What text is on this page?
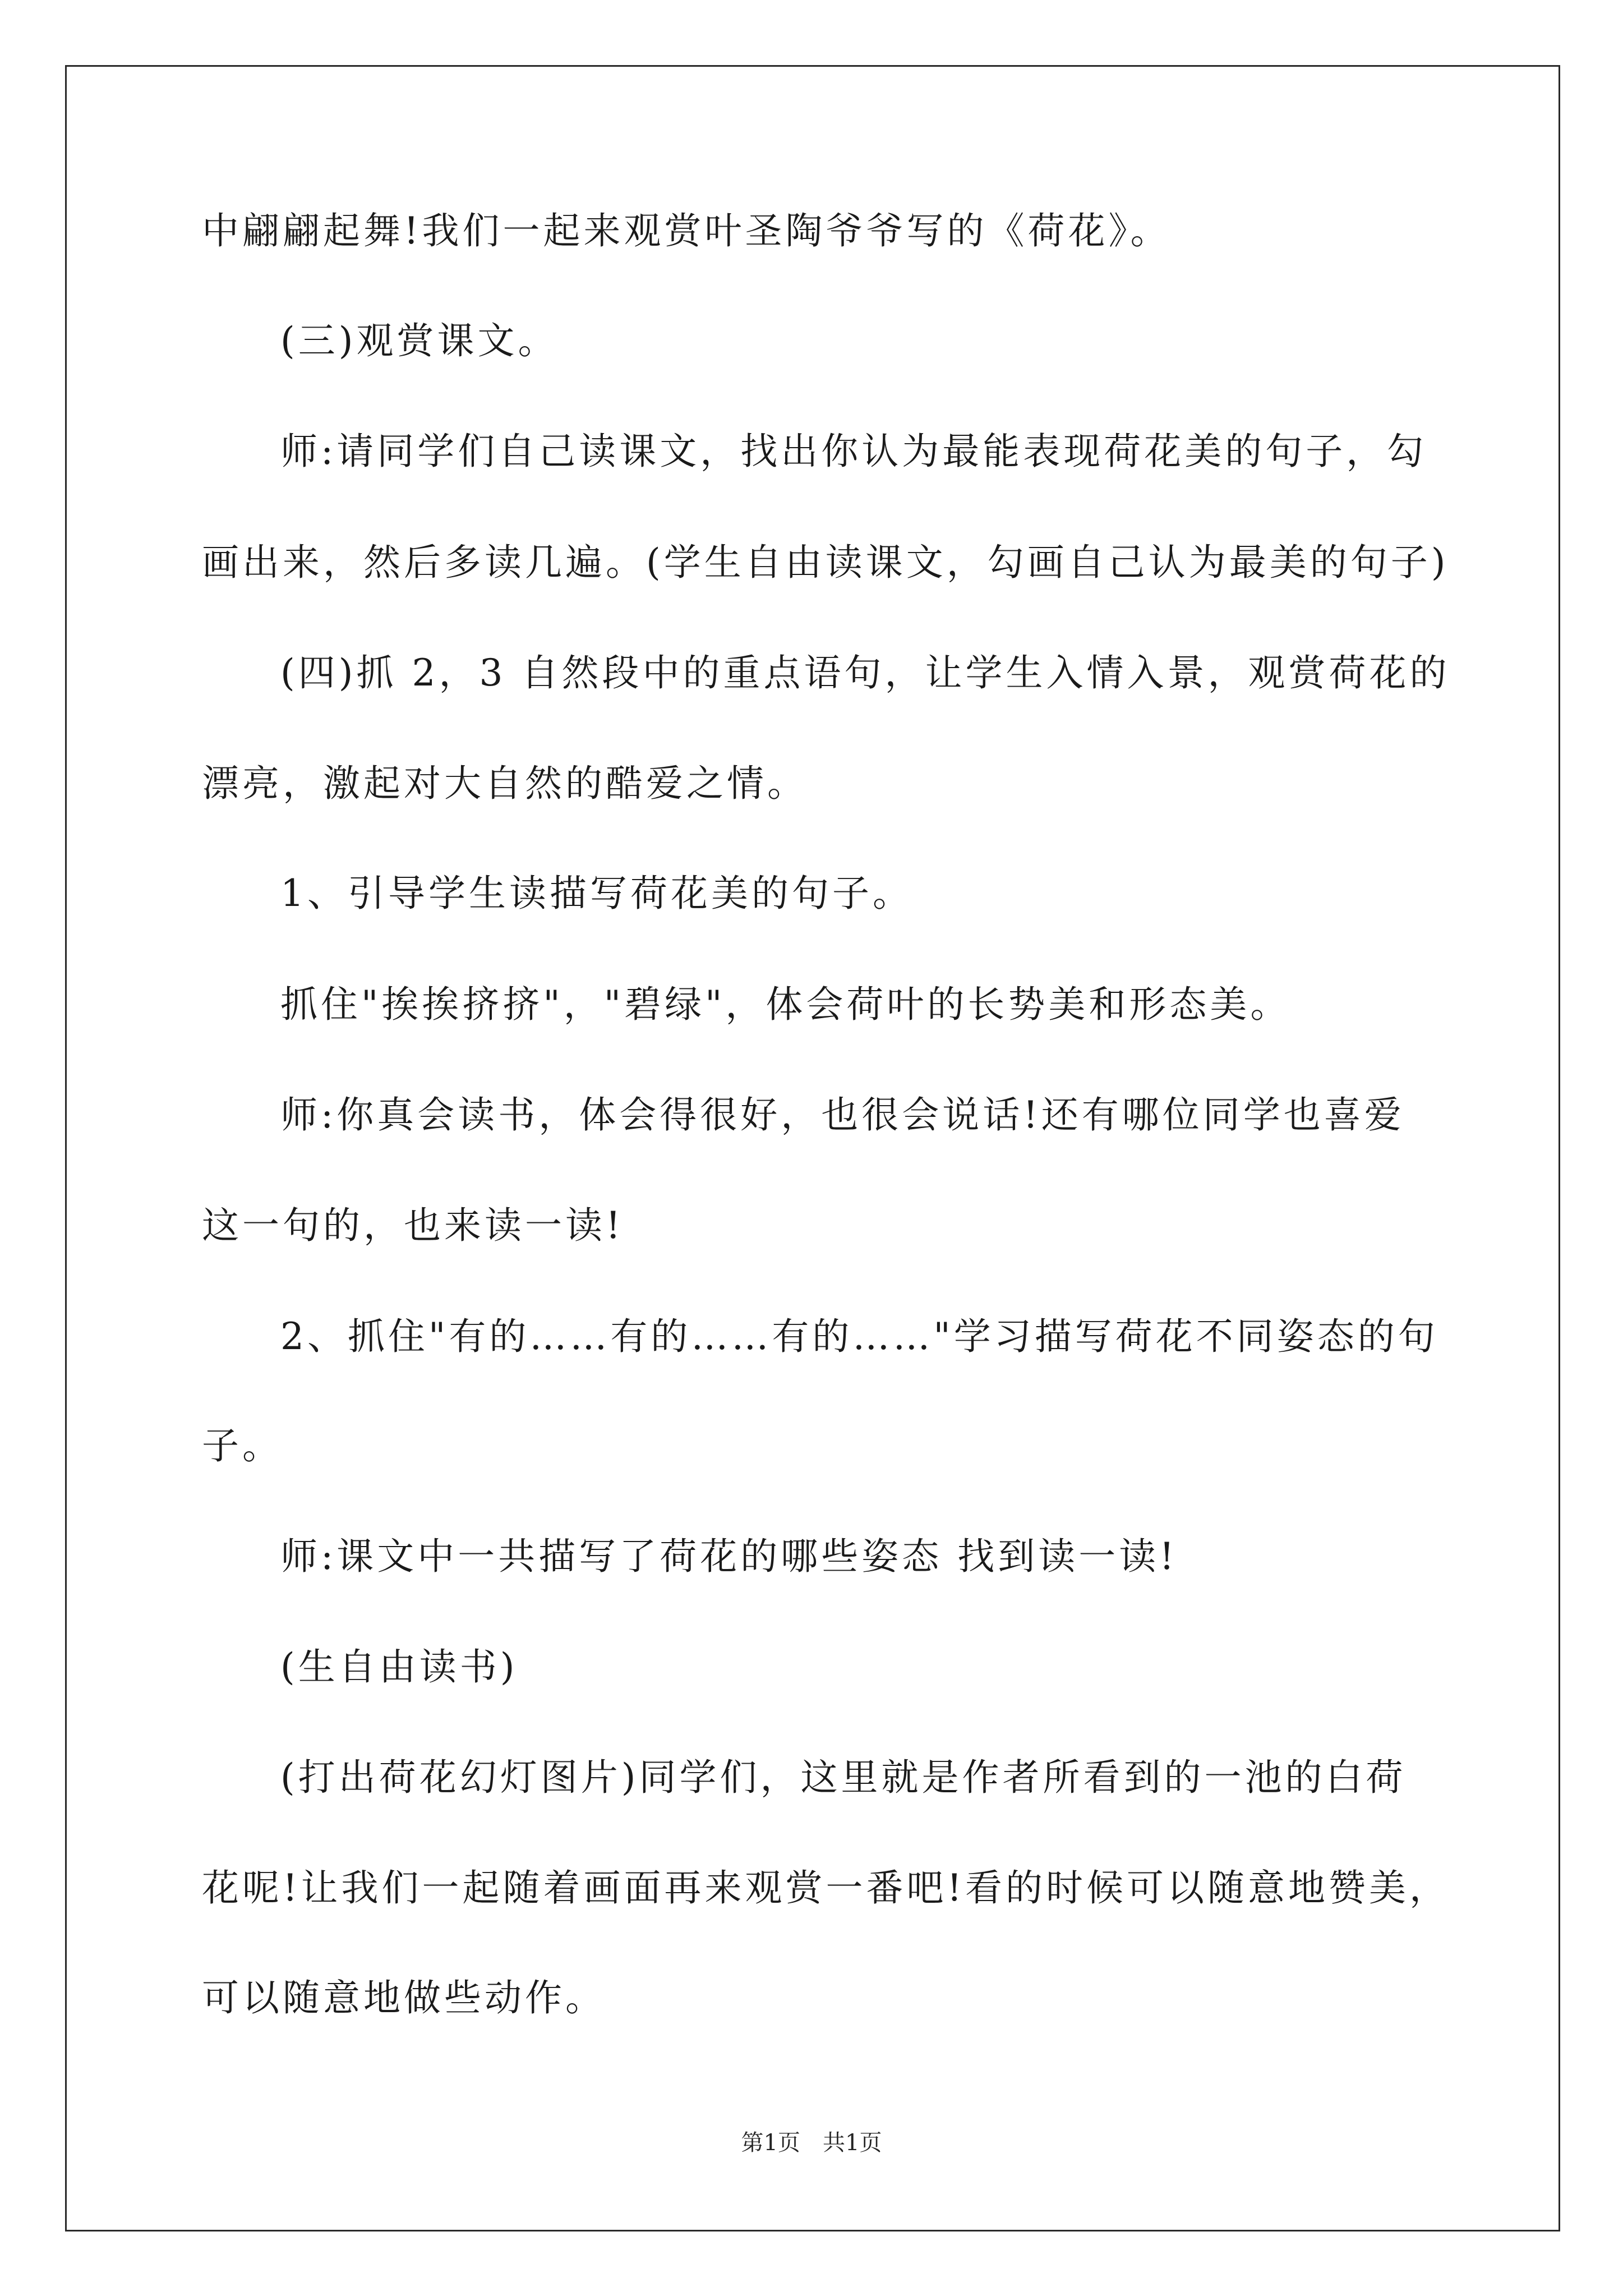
中翩翩起舞!我们一起来观赏叶圣陶爷爷写的《荷花》。
(三)观赏课文。
师:请同学们自己读课文，找出你认为最能表现荷花美的句子，勾
画出来，然后多读几遍。(学生自由读课文，勾画自己认为最美的句子)
(四)抓 2，3 自然段中的重点语句，让学生入情入景，观赏荷花的
漂亮，激起对大自然的酷爱之情。
1、引导学生读描写荷花美的句子。
抓住"挨挨挤挤"，"碧绿"，体会荷叶的长势美和形态美。
师:你真会读书，体会得很好，也很会说话!还有哪位同学也喜爱
这一句的，也来读一读!
2、抓住"有的……有的……有的……"学习描写荷花不同姿态的句
子。
师:课文中一共描写了荷花的哪些姿态 找到读一读!
(生自由读书)
(打出荷花幻灯图片)同学们，这里就是作者所看到的一池的白荷
花呢!让我们一起随着画面再来观赏一番吧!看的时候可以随意地赞美，
可以随意地做些动作。
第1页　共1页
